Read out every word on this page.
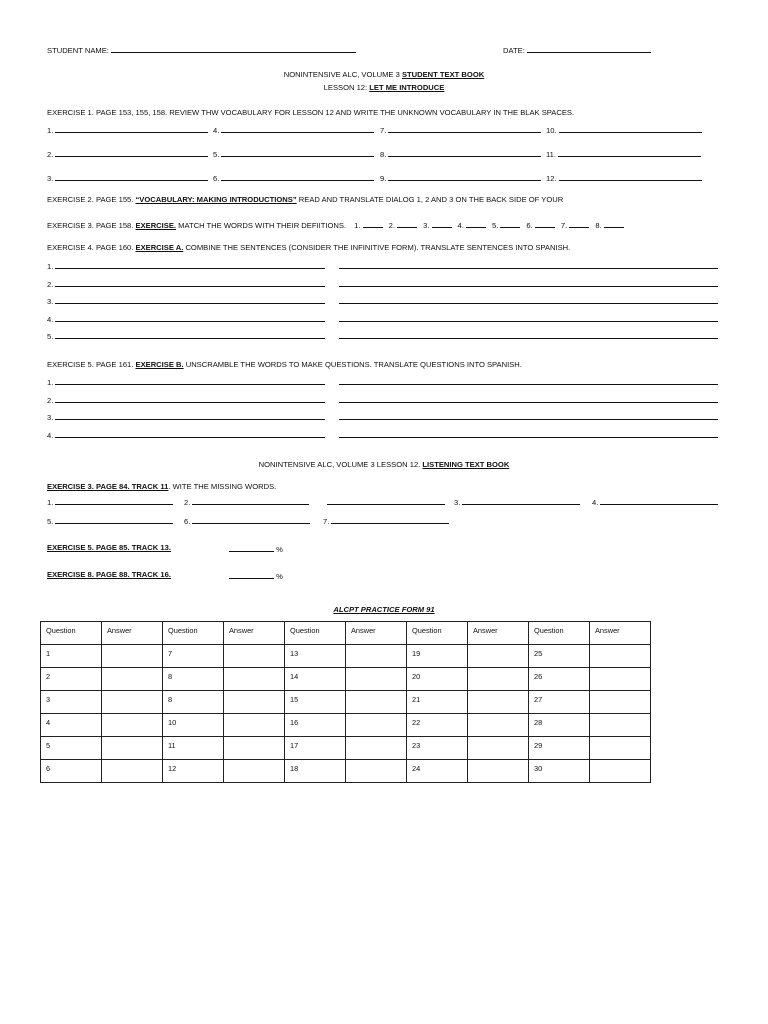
STUDENT NAME:	DATE:
NONINTENSIVE ALC, VOLUME 3 STUDENT TEXT BOOK
LESSON 12: LET ME INTRODUCE
EXERCISE 1. PAGE 153, 155, 158. REVIEW THW VOCABULARY FOR LESSON 12 AND WRITE THE UNKNOWN VOCABULARY IN THE BLAK SPACES.
1.	4.	7.	10.
2.	5.	8.	11.
3.	6.	9.	12.
EXERCISE 2. PAGE 155. “VOCABULARY: MAKING INTRODUCTIONS” READ AND TRANSLATE DIALOG 1, 2 AND 3 ON THE BACK SIDE OF YOUR
EXERCISE 3. PAGE 158. EXERCISE. MATCH THE WORDS WITH THEIR DEFIITIONS. 1.	2.	3.	4.	5.	6.	7.	8.
EXERCISE 4. PAGE 160. EXERCISE A. COMBINE THE SENTENCES (CONSIDER THE INFINITIVE FORM). TRANSLATE SENTENCES INTO SPANISH.
1.
2.
3.
4.
5.
EXERCISE 5. PAGE 161. EXERCISE B. UNSCRAMBLE THE WORDS TO MAKE QUESTIONS. TRANSLATE QUESTIONS INTO SPANISH.
1.
2.
3.
4.
NONINTENSIVE ALC, VOLUME 3 LESSON 12. LISTENING TEXT BOOK
EXERCISE 3. PAGE 84. TRACK 11. WITE THE MISSING WORDS.
1.	2.	3.	4.
5.	6.	7.
EXERCISE 5. PAGE 85. TRACK 13.	%
EXERCISE 8. PAGE 88. TRACK 16.	%
ALCPT PRACTICE FORM 91
Question	Answer	Question	Answer	Question	Answer	Question	Answer	Question	Answer
1		7		13		19		25	
2		8		14		20		26	
3		8		15		21		27	
4		10		16		22		28	
5		11		17		23		29	
6		12		18		24		30	
